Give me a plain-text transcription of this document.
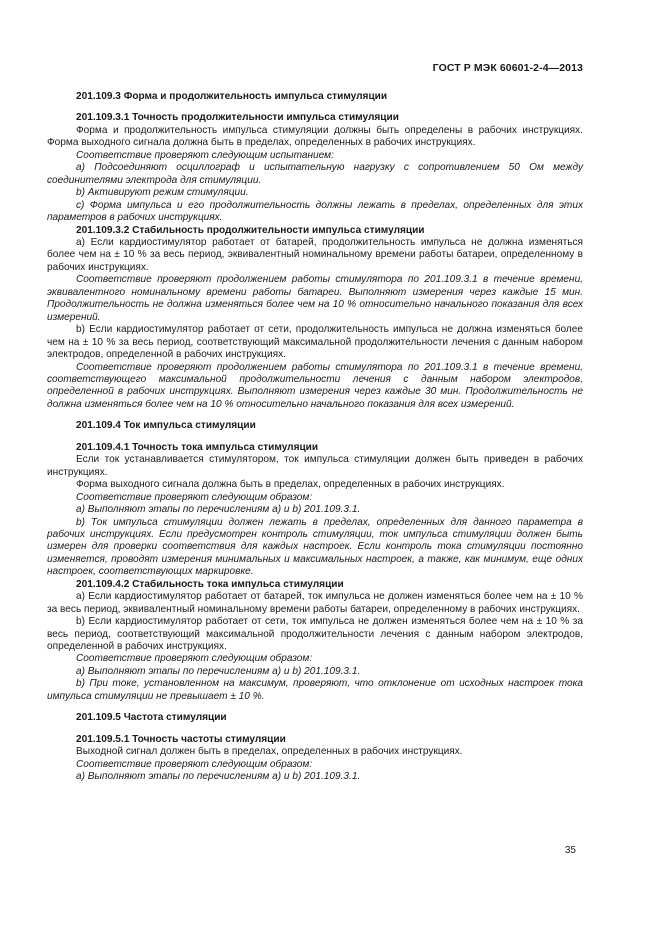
ГОСТ Р МЭК 60601-2-4—2013

201.109.3 Форма и продолжительность импульса стимуляции

201.109.3.1 Точность продолжительности импульса стимуляции

Форма и продолжительность импульса стимуляции должны быть определены в рабочих инструкциях. Форма выходного сигнала должна быть в пределах, определенных в рабочих инструкциях.

Соответствие проверяют следующим испытанием:

а) Подсоединяют осциллограф и испытательную нагрузку с сопротивлением 50 Ом между соединителями электрода для стимуляции.

b) Активируют режим стимуляции.

c) Форма импульса и его продолжительность должны лежать в пределах, определенных для этих параметров в рабочих инструкциях.

201.109.3.2 Стабильность продолжительности импульса стимуляции

а) Если кардиостимулятор работает от батарей, продолжительность импульса не должна изменяться более чем на ± 10 % за весь период, эквивалентный номинальному времени работы батареи, определенному в рабочих инструкциях.

Соответствие проверяют продолжением работы стимулятора по 201.109.3.1 в течение времени, эквивалентного номинальному времени работы батареи. Выполняют измерения через каждые 15 мин. Продолжительность не должна изменяться более чем на 10 % относительно начального показания для всех измерений.

b) Если кардиостимулятор работает от сети, продолжительность импульса не должна изменяться более чем на ± 10 % за весь период, соответствующий максимальной продолжительности лечения с данным набором электродов, определенной в рабочих инструкциях.

Соответствие проверяют продолжением работы стимулятора по 201.109.3.1 в течение времени, соответствующего максимальной продолжительности лечения с данным набором электродов, определенной в рабочих инструкциях. Выполняют измерения через каждые 30 мин. Продолжительность не должна изменяться более чем на 10 % относительно начального показания для всех измерений.

201.109.4 Ток импульса стимуляции

201.109.4.1 Точность тока импульса стимуляции

Если ток устанавливается стимулятором, ток импульса стимуляции должен быть приведен в рабочих инструкциях.

Форма выходного сигнала должна быть в пределах, определенных в рабочих инструкциях.

Соответствие проверяют следующим образом:

а) Выполняют этапы по перечислениям а) и b) 201.109.3.1.

b) Ток импульса стимуляции должен лежать в пределах, определенных для данного параметра в рабочих инструкциях. Если предусмотрен контроль стимуляции, ток импульса стимуляции должен быть измерен для проверки соответствия для каждых настроек. Если контроль тока стимуляции постоянно изменяется, проводят измерения минимальных и максимальных настроек, а также, как минимум, еще одних настроек, соответствующих маркировке.

201.109.4.2 Стабильность тока импульса стимуляции

а) Если кардиостимулятор работает от батарей, ток импульса не должен изменяться более чем на ± 10 % за весь период, эквивалентный номинальному времени работы батареи, определенному в рабочих инструкциях.

b) Если кардиостимулятор работает от сети, ток импульса не должен изменяться более чем на ± 10 % за весь период, соответствующий максимальной продолжительности лечения с данным набором электродов, определенной в рабочих инструкциях.

Соответствие проверяют следующим образом:

а) Выполняют этапы по перечислениям а) и b) 201.109.3.1.

b) При токе, установленном на максимум, проверяют, что отклонение от исходных настроек тока импульса стимуляции не превышает ± 10 %.

201.109.5 Частота стимуляции

201.109.5.1 Точность частоты стимуляции

Выходной сигнал должен быть в пределах, определенных в рабочих инструкциях.

Соответствие проверяют следующим образом:

а) Выполняют этапы по перечислениям а) и b) 201.109.3.1.

35
